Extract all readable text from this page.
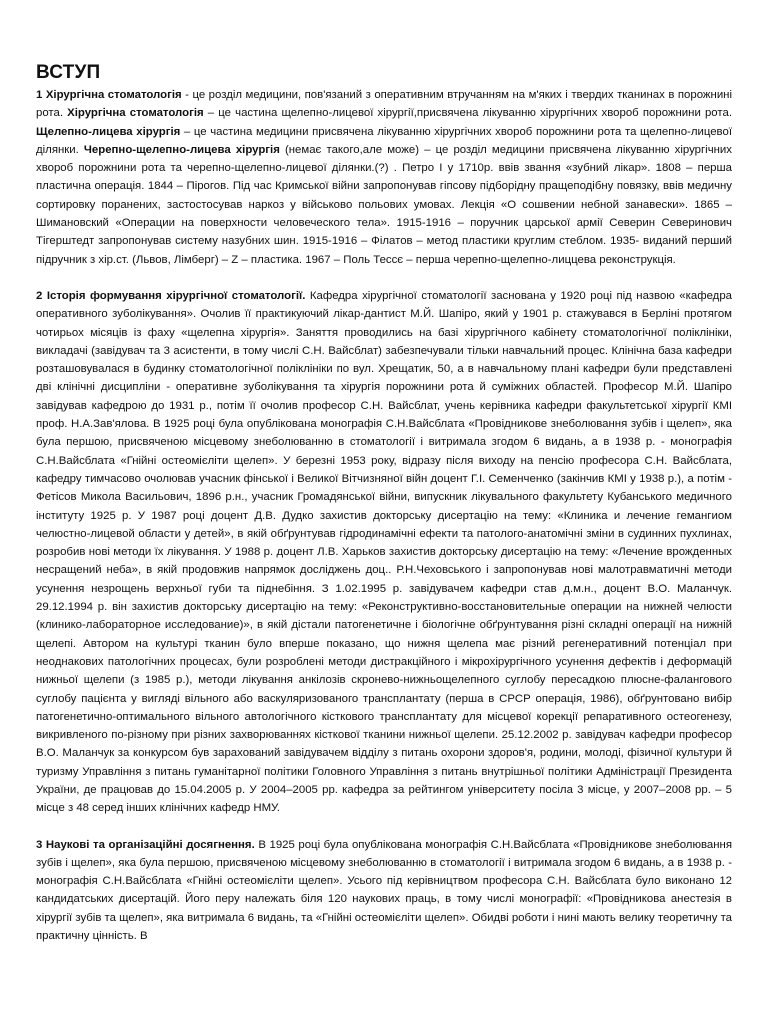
ВСТУП

1 Хірургічна стоматологія - це розділ медицини, пов'язаний з оперативним втручанням на м'яких і твердих тканинах в порожнині рота. Хірургічна стоматологія – це частина щелепно-лицевої хірургії,присвячена лікуванню хірургічних хвороб порожнини рота. Щелепно-лицева хірургія – це частина медицини присвячена лікуванню хірургічних хвороб порожнини рота та щелепно-лицевої ділянки. Черепно-щелепно-лицева хірургія (немає такого,але може) – це розділ медицини присвячена лікуванню хірургічних хвороб порожнини рота та черепно-щелепно-лицевої ділянки.(?) . Петро І у 1710р. ввів звання «зубний лікар». 1808 – перша пластична операція. 1844 – Пірогов. Під час Кримської війни запропонував гіпсову підборідну пращеподібну повязку, ввів медичну сортировку поранених, застостосував наркоз у військово польових умовах. Лекція «О сошвении небной занавески». 1865 – Шимановский «Операции на поверхности человеческого тела». 1915-1916 – поручник царської армії Северин Северинович Тігерштедт запропонував систему назубних шин. 1915-1916 – Філатов – метод пластики круглим стеблом. 1935- виданий перший підручник з хір.ст. (Львов, Лімберг) – Z – пластика. 1967 – Поль Тессє – перша черепно-щелепно-лиццева реконструкція.

2 Історія формування хірургічної стоматології. Кафедра хірургічної стоматології заснована у 1920 році під назвою «кафедра оперативного зуболікування». Очолив її практикуючий лікар-дантист М.Й. Шапіро, який у 1901 р. стажувався в Берліні протягом чотирьох місяців із фаху «щелепна хірургія». Заняття проводились на базі хірургічного кабінету стоматологічної поліклініки, викладачі (завідувач та 3 асистенти, в тому числі С.Н. Вайсблат) забезпечували тільки навчальний процес. Клінічна база кафедри розташовувалася в будинку стоматологічної поліклініки по вул. Хрещатик, 50, а в навчальному плані кафедри були представлені дві клінічні дисципліни - оперативне зуболікування та хірургія порожнини рота й суміжних областей. Професор М.Й. Шапіро завідував кафедрою до 1931 р., потім її очолив професор С.Н. Вайсблат, учень керівника кафедри факультетської хірургії КМІ проф. Н.А.Зав'ялова. В 1925 році була опублікована монографія С.Н.Вайсблата «Провідникове знеболювання зубів і щелеп», яка була першою, присвяченою місцевому знеболюванню в стоматології і витримала згодом 6 видань, а в 1938 р. - монографія С.Н.Вайсблата «Гнійні остеомієліти щелеп». У березні 1953 року, відразу після виходу на пенсію професора С.Н. Вайсблата, кафедру тимчасово очолював учасник фінської і Великої Вітчизняної війн доцент Г.І. Семенченко (закінчив КМІ у 1938 р.), а потім - Фетісов Микола Васильович, 1896 р.н., учасник Громадянської війни, випускник лікувального факультету Кубанського медичного інституту 1925 р. У 1987 році доцент Д.В. Дудко захистив докторську дисертацію на тему: «Клиника и лечение гемангиом челюстно-лицевой области у детей», в якій обґрунтував гідродинамічні ефекти та патолого-анатомічні зміни в судинних пухлинах, розробив нові методи їх лікування. У 1988 р. доцент Л.В. Харьков захистив докторську дисертацію на тему: «Лечение врожденных несращений неба», в якій продовжив напрямок досліджень доц.. Р.Н.Чеховського і запропонував нові малотравматичні методи усунення незрощень верхньої губи та піднебіння. З 1.02.1995 р. завідувачем кафедри став д.м.н., доцент В.О. Маланчук. 29.12.1994 р. він захистив докторську дисертацію на тему: «Реконструктивно-восстановительные операции на нижней челюсти (клинико-лабораторное исследование)», в якій дістали патогенетичне і біологічне обґрунтування різні складні операції на нижній щелепі. Автором на культурі тканин було вперше показано, що нижня щелепа має різний регенеративний потенціал при неоднакових патологічних процесах, були розроблені методи дистракційного і мікрохірургічного усунення дефектів і деформацій нижньої щелепи (з 1985 р.), методи лікування анкілозів скронево-нижньощелепного суглобу пересадкою плюсне-фалангового суглобу пацієнта у вигляді вільного або васкуляризованого трансплантату (перша в СРСР операція, 1986), обґрунтовано вибір патогенетично-оптимального вільного автологічного кісткового трансплантату для місцевої корекції репаративного остеогенезу, викривленого по-різному при різних захворюваннях кісткової тканини нижньої щелепи. 25.12.2002 р. завідувач кафедри професор В.О. Маланчук за конкурсом був зарахований завідувачем відділу з питань охорони здоров'я, родини, молоді, фізичної культури й туризму Управління з питань гуманітарної політики Головного Управління з питань внутрішньої політики Адміністрації Президента України, де працював до 15.04.2005 р. У 2004–2005 рр. кафедра за рейтингом університету посіла 3 місце, у 2007–2008 рр. – 5 місце з 48 серед інших клінічних кафедр НМУ.

3 Наукові та організаційні досягнення. В 1925 році була опублікована монографія С.Н.Вайсблата «Провідникове знеболювання зубів і щелеп», яка була першою, присвяченою місцевому знеболюванню в стоматології і витримала згодом 6 видань, а в 1938 р. - монографія С.Н.Вайсблата «Гнійні остеомієліти щелеп». Усього під керівництвом професора С.Н. Вайсблата було виконано 12 кандидатських дисертацій. Його перу належать біля 120 наукових праць, в тому числі монографії: «Провідникова анестезія в хірургії зубів та щелеп», яка витримала 6 видань, та «Гнійні остеомієліти щелеп». Обидві роботи і нині мають велику теоретичну та практичну цінність. В
